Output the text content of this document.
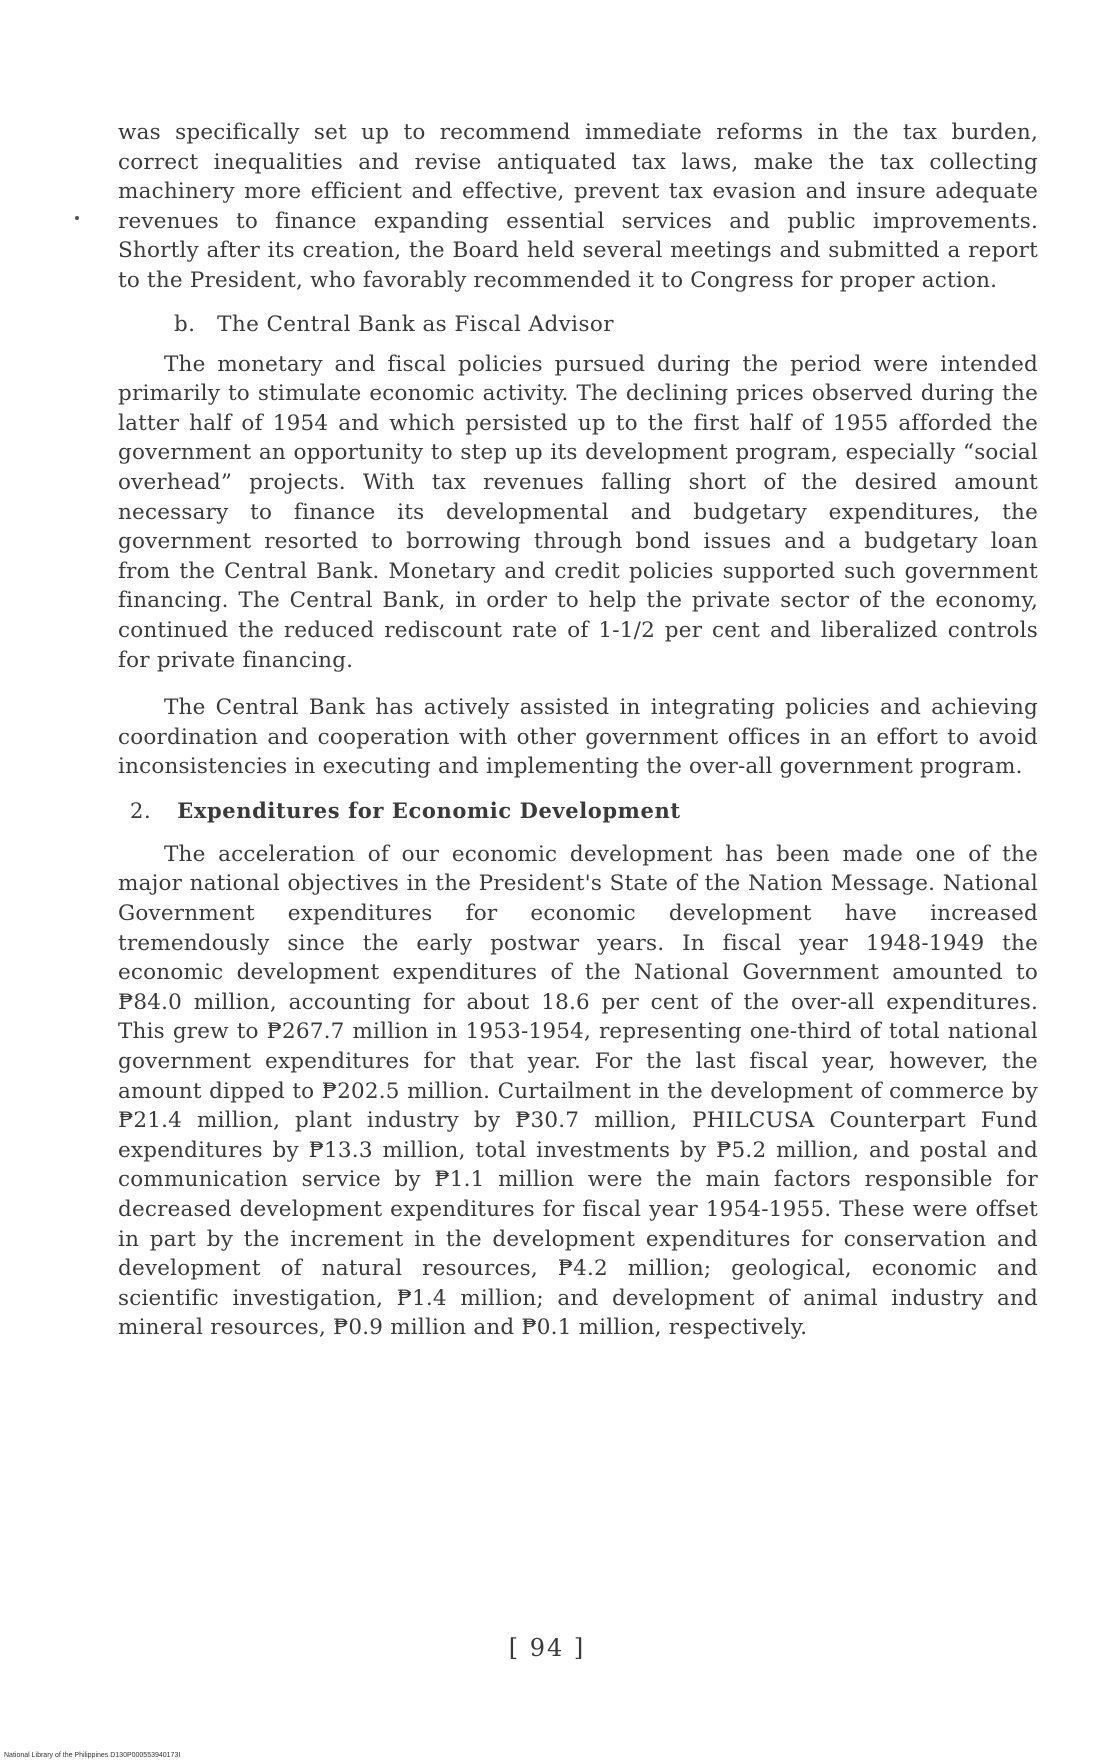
was specifically set up to recommend immediate reforms in the tax burden, correct inequalities and revise antiquated tax laws, make the tax collecting machinery more efficient and effective, prevent tax evasion and insure adequate revenues to finance expanding essential services and public improvements. Shortly after its creation, the Board held several meetings and submitted a report to the President, who favorably recommended it to Congress for proper action.

b. The Central Bank as Fiscal Advisor

The monetary and fiscal policies pursued during the period were intended primarily to stimulate economic activity. The declining prices observed during the latter half of 1954 and which persisted up to the first half of 1955 afforded the government an opportunity to step up its development program, especially “social overhead” projects. With tax revenues falling short of the desired amount necessary to finance its developmental and budgetary expenditures, the government resorted to borrowing through bond issues and a budgetary loan from the Central Bank. Monetary and credit policies supported such government financing. The Central Bank, in order to help the private sector of the economy, continued the reduced rediscount rate of 1-1/2 per cent and liberalized controls for private financing.

The Central Bank has actively assisted in integrating policies and achieving coordination and cooperation with other government offices in an effort to avoid inconsistencies in executing and implementing the over-all government program.

2. Expenditures for Economic Development

The acceleration of our economic development has been made one of the major national objectives in the President's State of the Nation Message. National Government expenditures for economic development have increased tremendously since the early postwar years. In fiscal year 1948-1949 the economic development expenditures of the National Government amounted to ₱84.0 million, accounting for about 18.6 per cent of the over-all expenditures. This grew to ₱267.7 million in 1953-1954, representing one-third of total national government expenditures for that year. For the last fiscal year, however, the amount dipped to ₱202.5 million. Curtailment in the development of commerce by ₱21.4 million, plant industry by ₱30.7 million, PHILCUSA Counterpart Fund expenditures by ₱13.3 million, total investments by ₱5.2 million, and postal and communication service by ₱1.1 million were the main factors responsible for decreased development expenditures for fiscal year 1954-1955. These were offset in part by the increment in the development expenditures for conservation and development of natural resources, ₱4.2 million; geological, economic and scientific investigation, ₱1.4 million; and development of animal industry and mineral resources, ₱0.9 million and ₱0.1 million, respectively.

[ 94 ]
National Library of the Philippines D130P000553940173I
